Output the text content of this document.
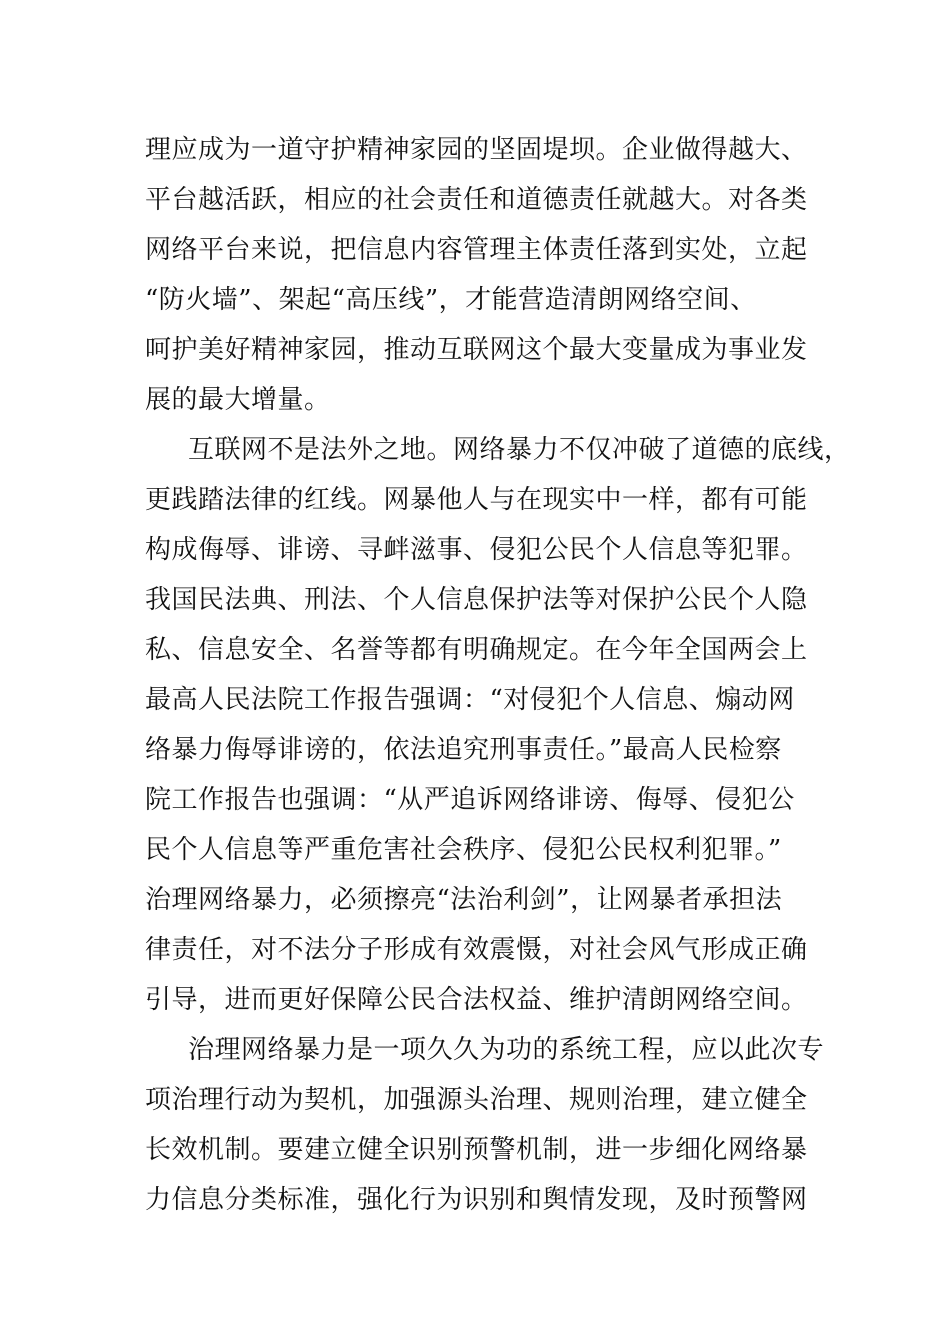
理应成为一道守护精神家园的坚固堤坝。企业做得越大、
平台越活跃，相应的社会责任和道德责任就越大。对各类
网络平台来说，把信息内容管理主体责任落到实处，立起
“防火墙”、架起“高压线”，才能营造清朗网络空间、
呵护美好精神家园，推动互联网这个最大变量成为事业发
展的最大增量。
互联网不是法外之地。网络暴力不仅冲破了道德的底线，
更践踏法律的红线。网暴他人与在现实中一样，都有可能
构成侮辱、诽谤、寻衅滋事、侵犯公民个人信息等犯罪。
我国民法典、刑法、个人信息保护法等对保护公民个人隐
私、信息安全、名誉等都有明确规定。在今年全国两会上
最高人民法院工作报告强调：“对侵犯个人信息、煽动网
络暴力侮辱诽谤的，依法追究刑事责任。”最高人民检察
院工作报告也强调：“从严追诉网络诽谤、侮辱、侵犯公
民个人信息等严重危害社会秩序、侵犯公民权利犯罪。”
治理网络暴力，必须擦亮“法治利剑”，让网暴者承担法
律责任，对不法分子形成有效震慑，对社会风气形成正确
引导，进而更好保障公民合法权益、维护清朗网络空间。
治理网络暴力是一项久久为功的系统工程，应以此次专
项治理行动为契机，加强源头治理、规则治理，建立健全
长效机制。要建立健全识别预警机制，进一步细化网络暴
力信息分类标准，强化行为识别和舆情发现，及时预警网
